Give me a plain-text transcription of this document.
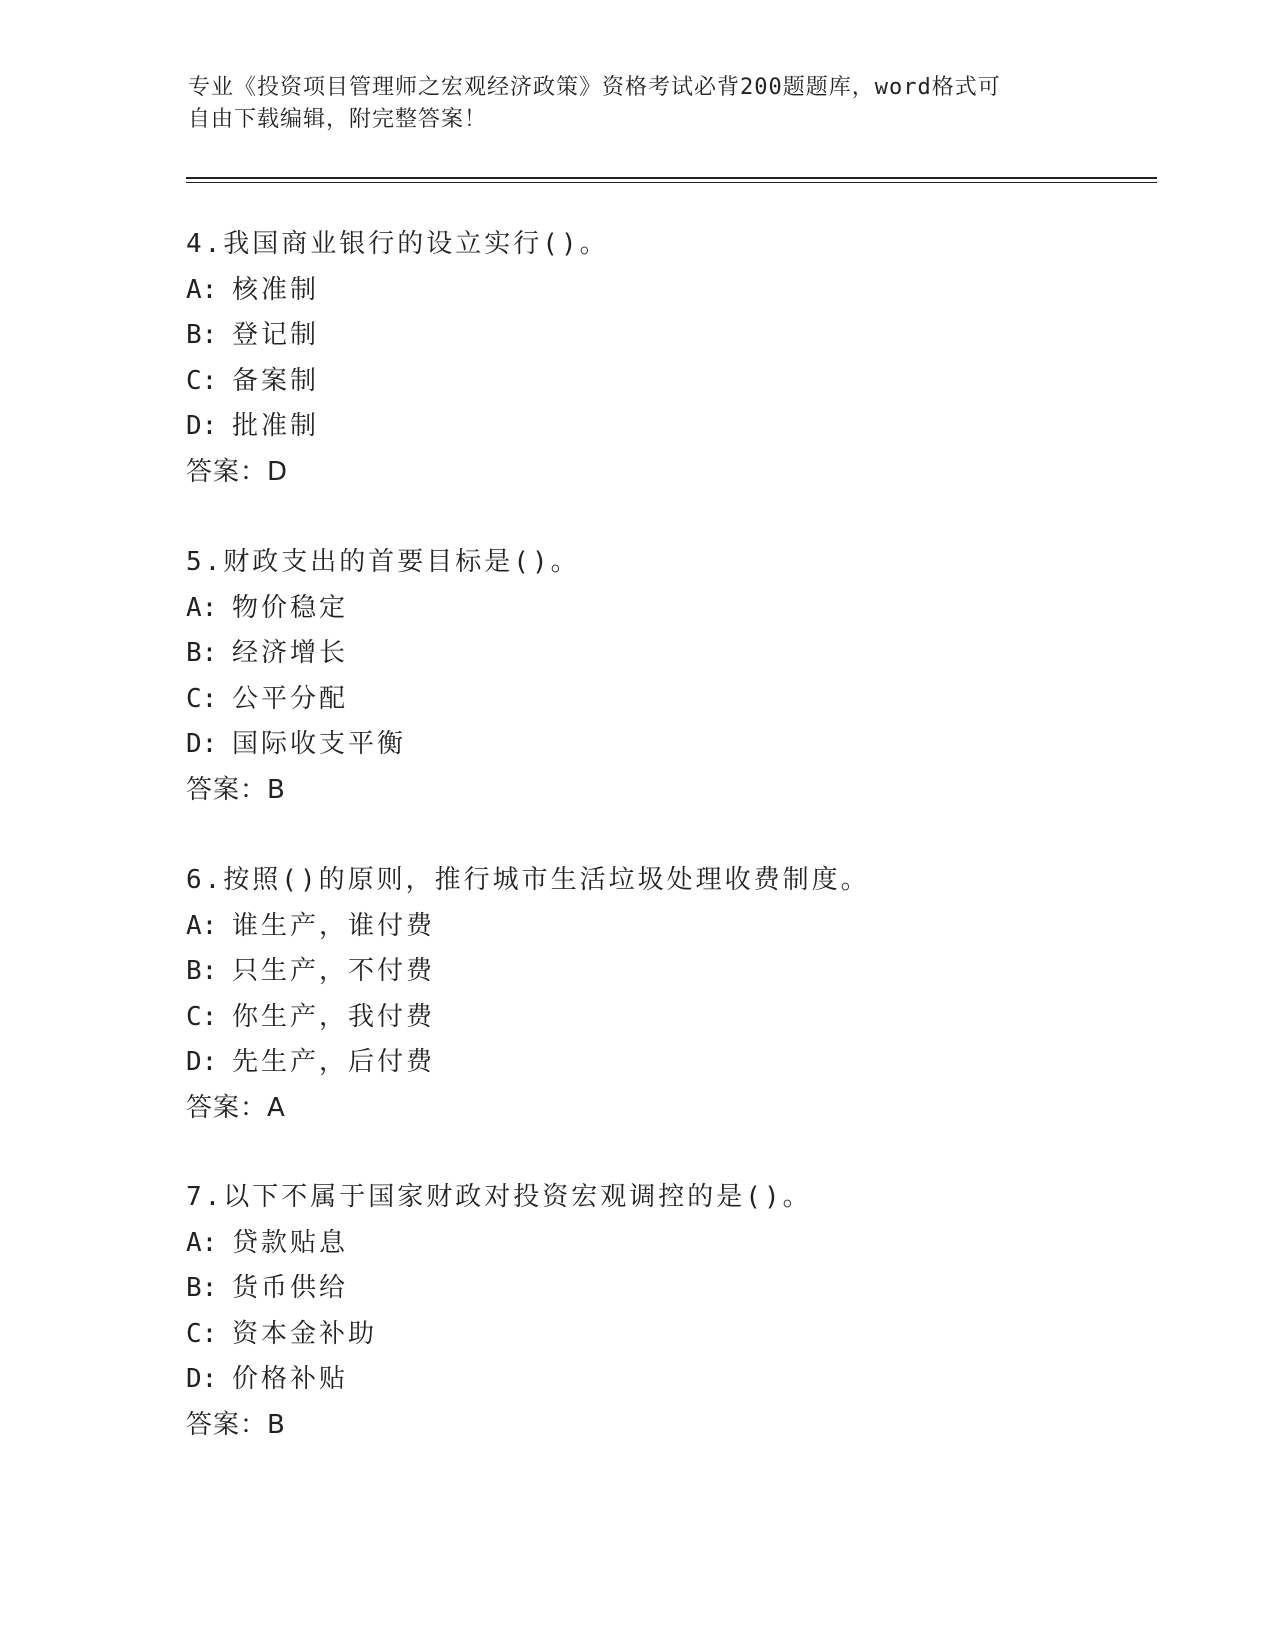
专业《投资项目管理师之宏观经济政策》资格考试必背200题题库，word格式可
自由下载编辑，附完整答案！
4.我国商业银行的设立实行()。
A: 核准制
B: 登记制
C: 备案制
D: 批准制
答案：D
5.财政支出的首要目标是()。
A: 物价稳定
B: 经济增长
C: 公平分配
D: 国际收支平衡
答案：B
6.按照()的原则，推行城市生活垃圾处理收费制度。
A: 谁生产，谁付费
B: 只生产，不付费
C: 你生产，我付费
D: 先生产，后付费
答案：A
7.以下不属于国家财政对投资宏观调控的是()。
A: 贷款贴息
B: 货币供给
C: 资本金补助
D: 价格补贴
答案：B
